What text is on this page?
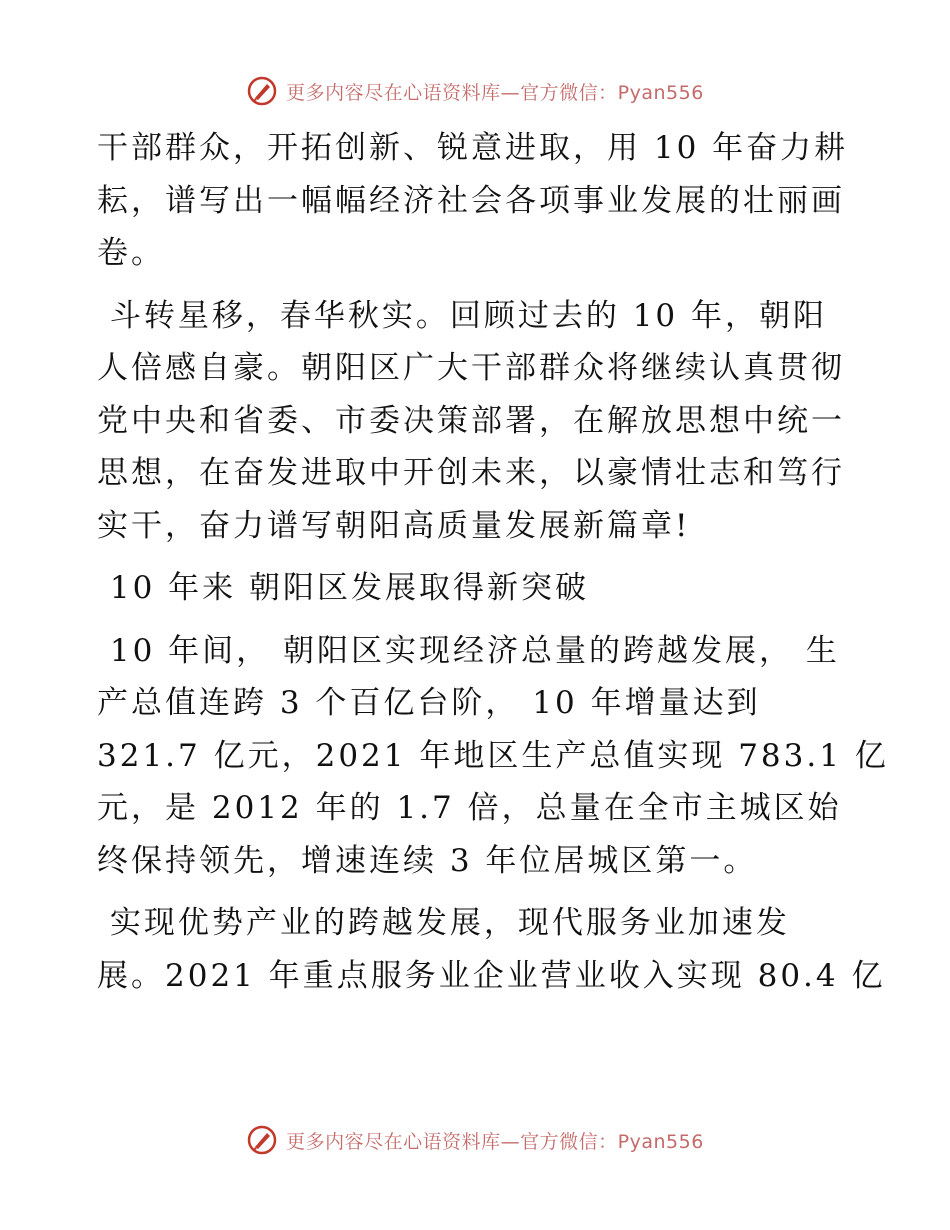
更多内容尽在心语资料库—官方微信：Pyan556

干部群众，开拓创新、锐意进取，用 10 年奋力耕
耘，谱写出一幅幅经济社会各项事业发展的壮丽画
卷。

斗转星移，春华秋实。回顾过去的 10 年，朝阳
人倍感自豪。朝阳区广大干部群众将继续认真贯彻
党中央和省委、市委决策部署，在解放思想中统一
思想，在奋发进取中开创未来，以豪情壮志和笃行
实干，奋力谱写朝阳高质量发展新篇章!

10 年来 朝阳区发展取得新突破

10 年间， 朝阳区实现经济总量的跨越发展， 生
产总值连跨 3 个百亿台阶， 10 年增量达到
321.7 亿元，2021 年地区生产总值实现 783.1 亿
元，是 2012 年的 1.7 倍，总量在全市主城区始
终保持领先，增速连续 3 年位居城区第一。

实现优势产业的跨越发展，现代服务业加速发
展。2021 年重点服务业企业营业收入实现 80.4 亿

更多内容尽在心语资料库—官方微信：Pyan556
